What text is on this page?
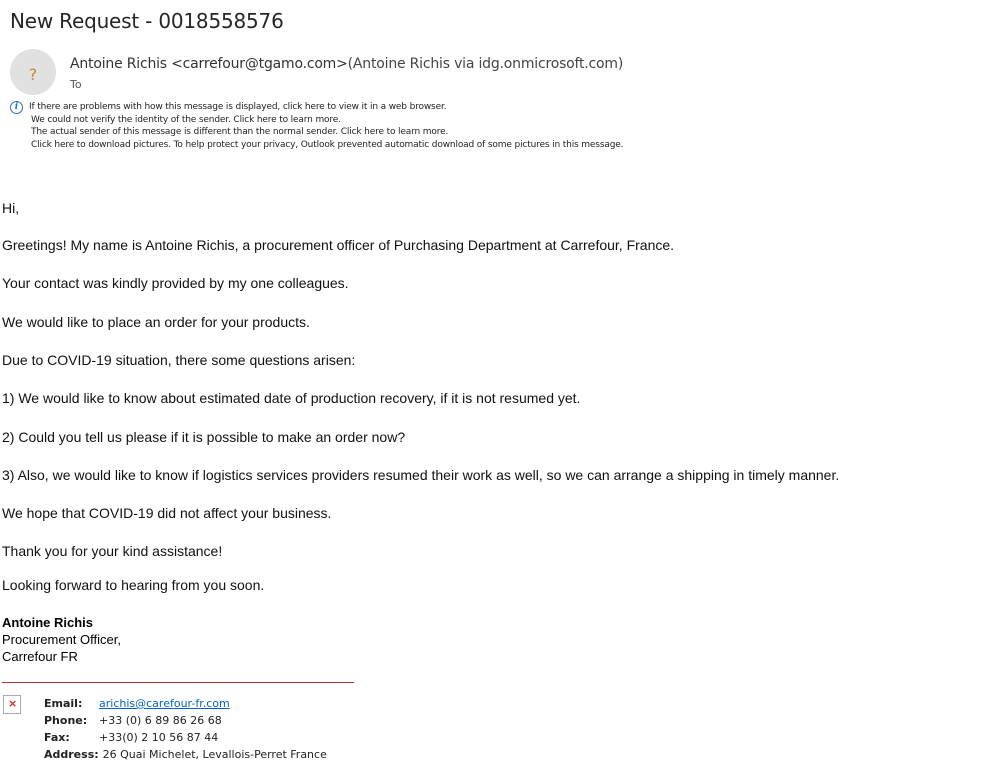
New Request - 0018558576
?
Antoine Richis <carrefour@tgamo.com>(Antoine Richis via idg.onmicrosoft.com)
To
i	If there are problems with how this message is displayed, click here to view it in a web browser.
We could not verify the identity of the sender. Click here to learn more.
The actual sender of this message is different than the normal sender. Click here to learn more.
Click here to download pictures. To help protect your privacy, Outlook prevented automatic download of some pictures in this message.

Hi,

Greetings! My name is Antoine Richis, a procurement officer of Purchasing Department at Carrefour, France.

Your contact was kindly provided by my one colleagues.

We would like to place an order for your products.

Due to COVID-19 situation, there some questions arisen:

1) We would like to know about estimated date of production recovery, if it is not resumed yet.

2) Could you tell us please if it is possible to make an order now?

3) Also, we would like to know if logistics services providers resumed their work as well, so we can arrange a shipping in timely manner.

We hope that COVID-19 did not affect your business.

Thank you for your kind assistance!

Looking forward to hearing from you soon.

Antoine Richis
Procurement Officer,
Carrefour FR
× Email: arichis@carefour-fr.com
Phone: +33 (0) 6 89 86 26 68
Fax:	+33(0) 2 10 56 87 44
Address: 26 Quai Michelet, Levallois-Perret France
